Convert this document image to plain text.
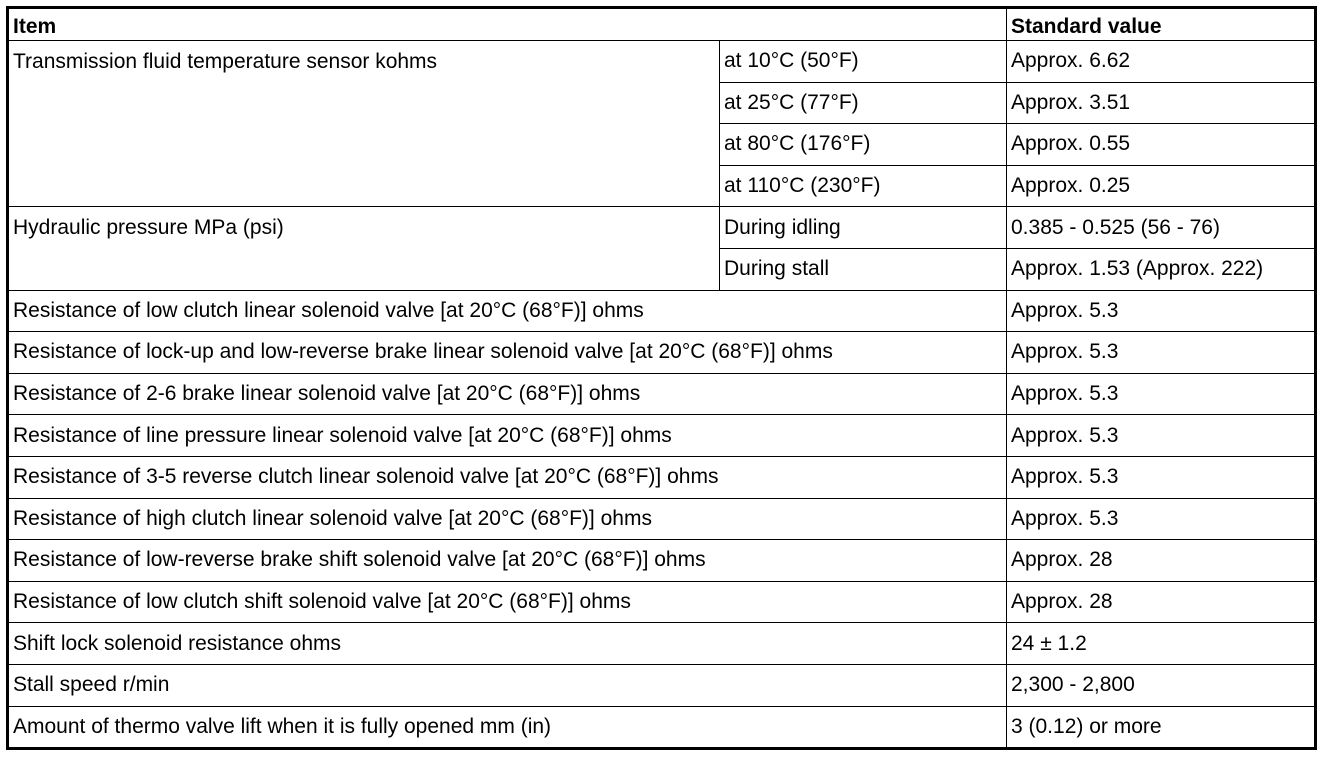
Item		Standard value
Transmission fluid temperature sensor kohms	at 10°C (50°F)	Approx. 6.62
	at 25°C (77°F)	Approx. 3.51
	at 80°C (176°F)	Approx. 0.55
	at 110°C (230°F)	Approx. 0.25
Hydraulic pressure MPa (psi)	During idling	0.385 - 0.525 (56 - 76)
	During stall	Approx. 1.53 (Approx. 222)
Resistance of low clutch linear solenoid valve [at 20°C (68°F)] ohms		Approx. 5.3
Resistance of lock-up and low-reverse brake linear solenoid valve [at 20°C (68°F)] ohms		Approx. 5.3
Resistance of 2-6 brake linear solenoid valve [at 20°C (68°F)] ohms		Approx. 5.3
Resistance of line pressure linear solenoid valve [at 20°C (68°F)] ohms		Approx. 5.3
Resistance of 3-5 reverse clutch linear solenoid valve [at 20°C (68°F)] ohms		Approx. 5.3
Resistance of high clutch linear solenoid valve [at 20°C (68°F)] ohms		Approx. 5.3
Resistance of low-reverse brake shift solenoid valve [at 20°C (68°F)] ohms		Approx. 28
Resistance of low clutch shift solenoid valve [at 20°C (68°F)] ohms		Approx. 28
Shift lock solenoid resistance ohms		24 ± 1.2
Stall speed r/min		2,300 - 2,800
Amount of thermo valve lift when it is fully opened mm (in)		3 (0.12) or more
